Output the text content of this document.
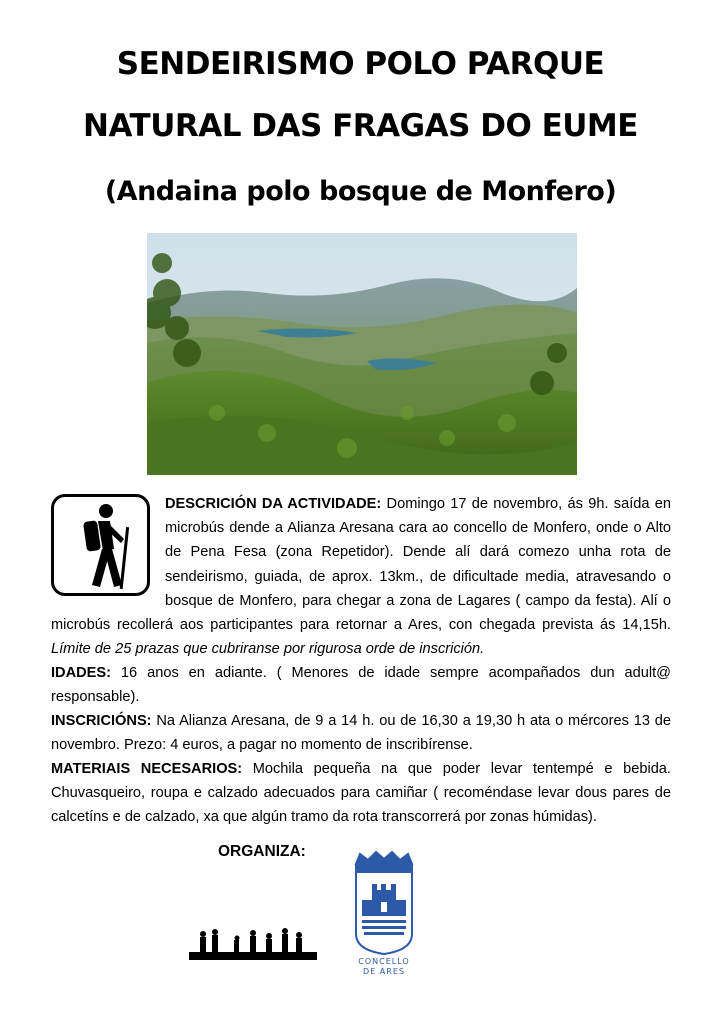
SENDEIRISMO POLO PARQUE
NATURAL DAS FRAGAS DO EUME
(Andaina polo bosque de Monfero)
DESCRICIÓN DA ACTIVIDADE: Domingo 17 de novembro, ás 9h. saída en microbús dende a Alianza Aresana cara ao concello de Monfero, onde o Alto de Pena Fesa (zona Repetidor). Dende alí dará comezo unha rota de sendeirismo, guiada, de aprox. 13km., de dificultade media, atravesando o bosque de Monfero, para chegar a zona de Lagares ( campo da festa). Alí o microbús recollerá aos participantes para retornar a Ares, con chegada prevista ás 14,15h. Límite de 25 prazas que cubriranse por rigurosa orde de inscrición.
IDADES: 16 anos en adiante. ( Menores de idade sempre acompañados dun adult@ responsable).
INSCRICIÓNS: Na Alianza Aresana, de 9 a 14 h. ou de 16,30 a 19,30 h ata o mércores 13 de novembro. Prezo: 4 euros, a pagar no momento de inscribírense.
MATERIAIS NECESARIOS: Mochila pequeña na que poder levar tentempé e bebida. Chuvasqueiro, roupa e calzado adecuados para camiñar ( recoméndase levar dous pares de calcetíns e de calzado, xa que algún tramo da rota transcorrerá por zonas húmidas).
ORGANIZA:
CONCELLO
DE ARES
